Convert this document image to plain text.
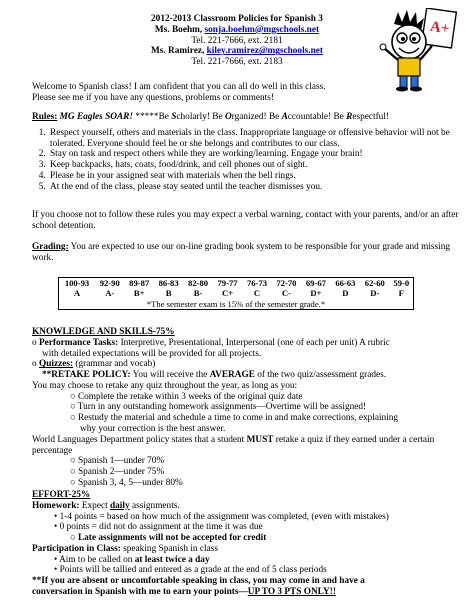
2012-2013 Classroom Policies for Spanish 3
Ms. Boehm, sonja.boehm@mgschools.net
Tel. 221-7666, ext. 2181
Ms. Ramirez, kiley.ramirez@mgschools.net
Tel. 221-7666, ext. 2183
A+

Welcome to Spanish class! I am confident that you can all do well in this class.

Please see me if you have any questions, problems or comments!

Rules: MG Eagles SOAR! *****Be Scholarly! Be Organized! Be Accountable! Be Respectful!

1. Respect yourself, others and materials in the class. Inappropriate language or offensive behavior will not be tolerated. Everyone should feel he or she belongs and contributes to our class.
2. Stay on task and respect others while they are working/learning. Engage your brain!
3. Keep backpacks, hats, coats, food/drink, and cell phones out of sight.
4. Please be in your assigned seat with materials when the bell rings.
5. At the end of the class, please stay seated until the teacher dismisses you.

If you choose not to follow these rules you may expect a verbal warning, contact with your parents, and/or an after school detention.

Grading: You are expected to use our on-line grading book system to be responsible for your grade and missing work.

100-93	92-90	89-87	86-83	82-80	79-77	76-73	72-70	69-67	66-63	62-60	59-0
A	A-	B+	B	B-	C+	C	C-	D+	D	D-	F
*The semester exam is 15% of the semester grade.*											

KNOWLEDGE AND SKILLS-75%

o Performance Tasks: Interpretive, Presentational, Interpersonal (one of each per unit) A rubric

with detailed expectations will be provided for all projects.

o Quizzes: (grammar and vocab)

**RETAKE POLICY: You will receive the AVERAGE of the two quiz/assessment grades.

You may choose to retake any quiz throughout the year, as long as you:

○ Complete the retake within 3 weeks of the original quiz date

○ Turn in any outstanding homework assignments—Overtime will be assigned!

○ Restudy the material and schedule a time to come in and make corrections, explaining

why your correction is the best answer.

World Languages Department policy states that a student MUST retake a quiz if they earned under a certain percentage

○ Spanish 1—under 70%

○ Spanish 2—under 75%

○ Spanish 3, 4, 5—under 80%

EFFORT-25%

Homework: Expect daily assignments.

• 1-4 points = based on how much of the assignment was completed, (even with mistakes)

• 0 points = did not do assignment at the time it was due

○ Late assignments will not be accepted for credit

Participation in Class: speaking Spanish in class

• Aim to be called on at least twice a day

• Points will be tallied and entered as a grade at the end of 5 class periods

**If you are absent or uncomfortable speaking in class, you may come in and have a

conversation in Spanish with me to earn your points—UP TO 3 PTS ONLY!!
